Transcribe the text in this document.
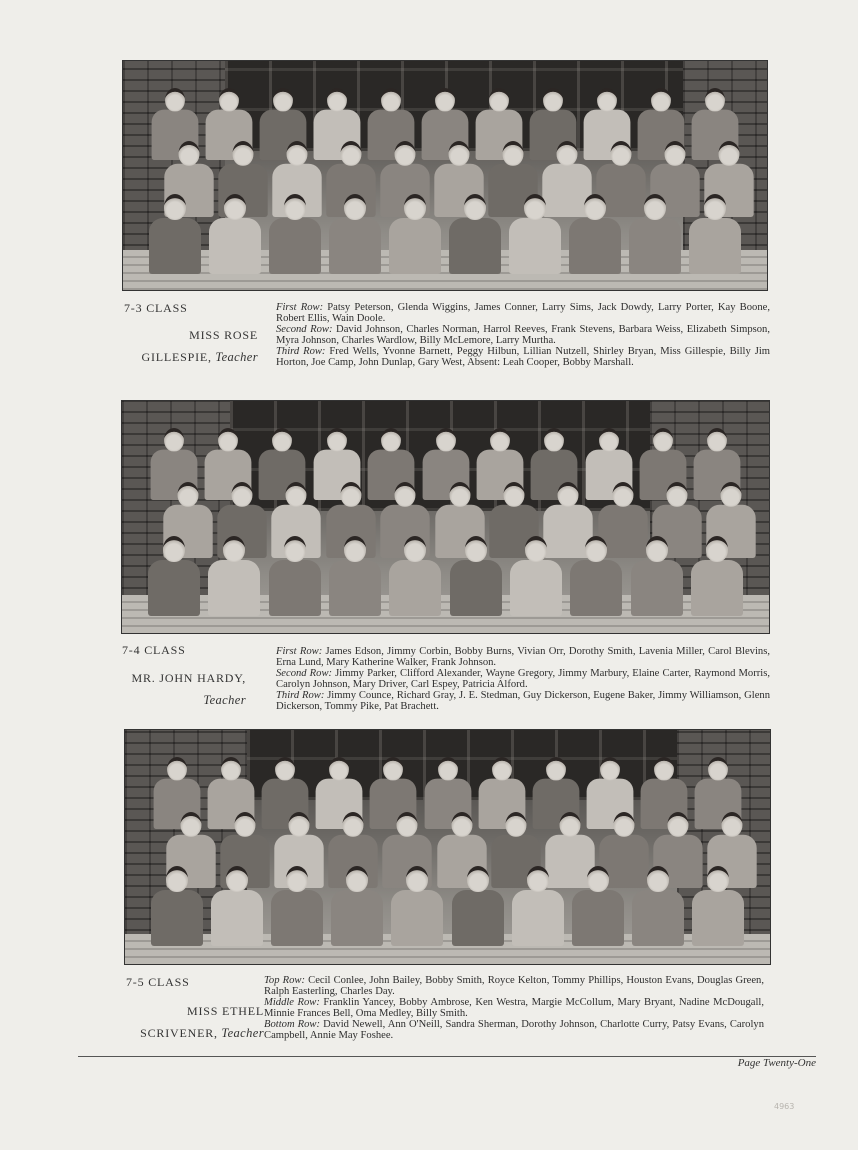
7-3 CLASS
MISS ROSE
GILLESPIE, Teacher

First Row: Patsy Peterson, Glenda Wiggins, James Conner, Larry Sims, Jack Dowdy, Larry Porter, Kay Boone, Robert Ellis, Wain Doole.

Second Row: David Johnson, Charles Norman, Harrol Reeves, Frank Stevens, Barbara Weiss, Elizabeth Simpson, Myra Johnson, Charles Wardlow, Billy McLemore, Larry Murtha.

Third Row: Fred Wells, Yvonne Barnett, Peggy Hilbun, Lillian Nutzell, Shirley Bryan, Miss Gillespie, Billy Jim Horton, Joe Camp, John Dunlap, Gary West, Absent: Leah Cooper, Bobby Marshall.

7-4 CLASS
MR. JOHN HARDY,
Teacher

First Row: James Edson, Jimmy Corbin, Bobby Burns, Vivian Orr, Dorothy Smith, Lavenia Miller, Carol Blevins, Erna Lund, Mary Katherine Walker, Frank Johnson.

Second Row: Jimmy Parker, Clifford Alexander, Wayne Gregory, Jimmy Marbury, Elaine Carter, Raymond Morris, Carolyn Johnson, Mary Driver, Carl Espey, Patricia Alford.

Third Row: Jimmy Counce, Richard Gray, J. E. Stedman, Guy Dickerson, Eugene Baker, Jimmy Williamson, Glenn Dickerson, Tommy Pike, Pat Brachett.

7-5 CLASS
MISS ETHEL
SCRIVENER, Teacher

Top Row: Cecil Conlee, John Bailey, Bobby Smith, Royce Kelton, Tommy Phillips, Houston Evans, Douglas Green, Ralph Easterling, Charles Day.

Middle Row: Franklin Yancey, Bobby Ambrose, Ken Westra, Margie McCollum, Mary Bryant, Nadine McDougall, Minnie Frances Bell, Oma Medley, Billy Smith.

Bottom Row: David Newell, Ann O'Neill, Sandra Sherman, Dorothy Johnson, Charlotte Curry, Patsy Evans, Carolyn Campbell, Annie May Foshee.

Page Twenty-One
4963
